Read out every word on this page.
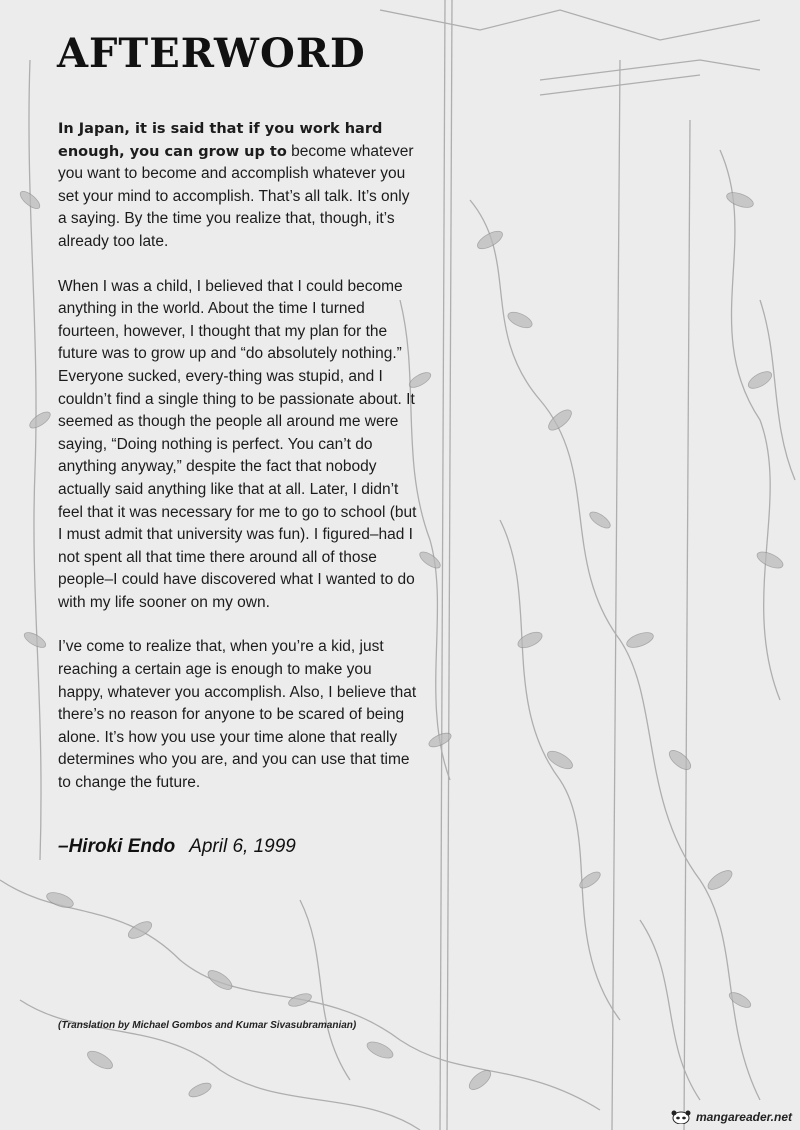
AFTERWORD

In Japan, it is said that if you work hard enough, you can grow up to become whatever you want to become and accomplish whatever you set your mind to accomplish. That’s all talk. It’s only a saying. By the time you realize that, though, it’s already too late.

When I was a child, I believed that I could become anything in the world. About the time I turned fourteen, however, I thought that my plan for the future was to grow up and “do absolutely nothing.” Everyone sucked, every-thing was stupid, and I couldn’t find a single thing to be passionate about. It seemed as though the people all around me were saying, “Doing nothing is perfect. You can’t do anything anyway,” despite the fact that nobody actually said anything like that at all. Later, I didn’t feel that it was necessary for me to go to school (but I must admit that university was fun). I figured–had I not spent all that time there around all of those people–I could have discovered what I wanted to do with my life sooner on my own.

I’ve come to realize that, when you’re a kid, just reaching a certain age is enough to make you happy, whatever you accomplish. Also, I believe that there’s no reason for anyone to be scared of being alone. It’s how you use your time alone that really determines who you are, and you can use that time to change the future.

–Hiroki Endo April 6, 1999
(Translation by Michael Gombos and Kumar Sivasubramanian)
mangareader.net
